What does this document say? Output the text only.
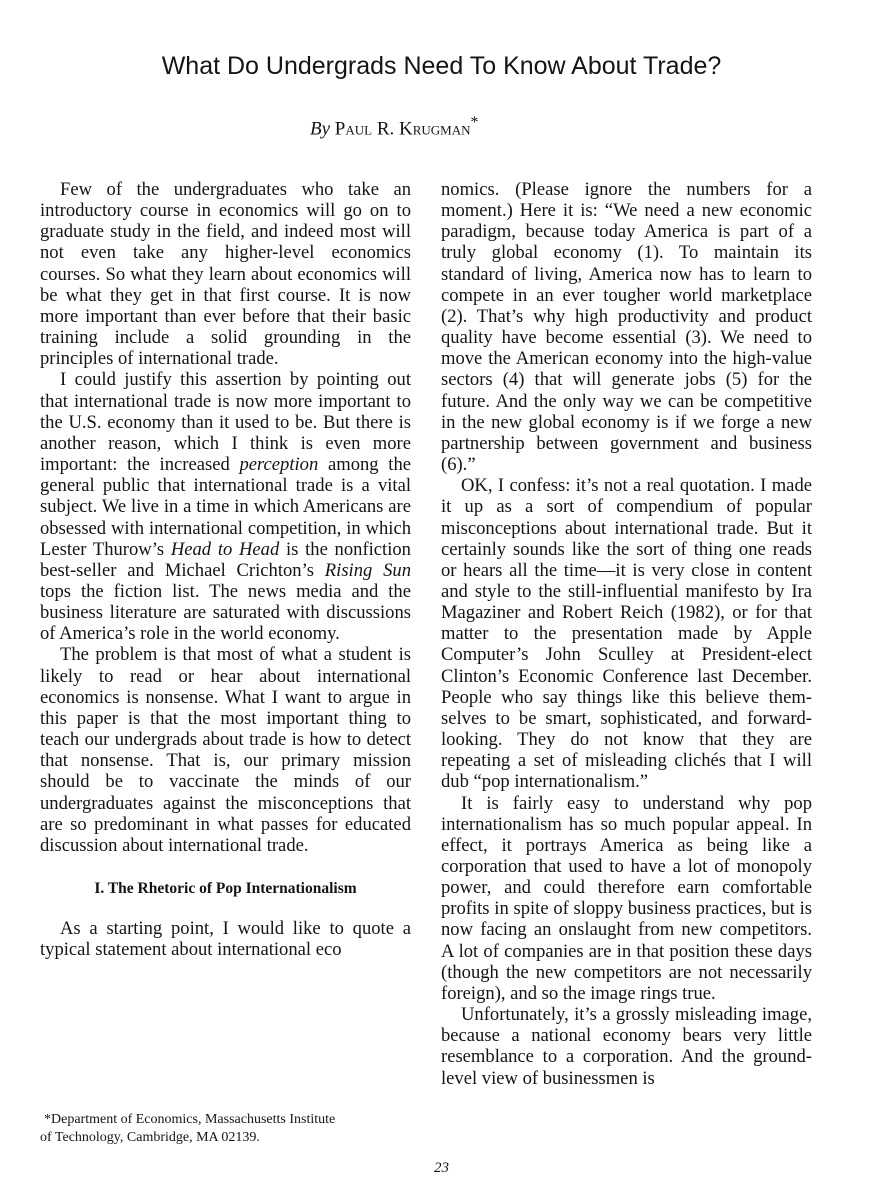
What Do Undergrads Need To Know About Trade?
By Paul R. Krugman*

Few of the undergraduates who take an introductory course in economics will go on to graduate study in the field, and indeed most will not even take any higher-level economics courses. So what they learn about economics will be what they get in that first course. It is now more important than ever before that their basic training include a solid grounding in the principles of international trade.

I could justify this assertion by pointing out that international trade is now more important to the U.S. economy than it used to be. But there is another reason, which I think is even more important: the increased perception among the general public that international trade is a vital subject. We live in a time in which Americans are obsessed with international competition, in which Lester Thurow’s Head to Head is the nonfiction best-seller and Michael Crichton’s Rising Sun tops the fiction list. The news media and the business literature are saturated with discussions of America’s role in the world economy.

The problem is that most of what a student is likely to read or hear about international economics is nonsense. What I want to argue in this paper is that the most important thing to teach our undergrads about trade is how to detect that nonsense. That is, our primary mission should be to vaccinate the minds of our undergraduates against the misconceptions that are so predominant in what passes for educated discussion about international trade.

I. The Rhetoric of Pop Internationalism

As a starting point, I would like to quote a typical statement about international eco

nomics. (Please ignore the numbers for a moment.) Here it is: “We need a new economic paradigm, because today America is part of a truly global economy (1). To maintain its standard of living, America now has to learn to compete in an ever tougher world marketplace (2). That’s why high productivity and product quality have become essential (3). We need to move the American economy into the high-value sectors (4) that will generate jobs (5) for the future. And the only way we can be competitive in the new global economy is if we forge a new partnership between government and business (6).”

OK, I confess: it’s not a real quotation. I made it up as a sort of compendium of popular misconceptions about international trade. But it certainly sounds like the sort of thing one reads or hears all the time—it is very close in content and style to the still-influential manifesto by Ira Magaziner and Robert Reich (1982), or for that matter to the presentation made by Apple Computer’s John Sculley at President-elect Clinton’s Economic Conference last December. People who say things like this believe themselves to be smart, sophisticated, and forward-looking. They do not know that they are repeating a set of misleading clichés that I will dub “pop internationalism.”

It is fairly easy to understand why pop internationalism has so much popular appeal. In effect, it portrays America as being like a corporation that used to have a lot of monopoly power, and could therefore earn comfortable profits in spite of sloppy business practices, but is now facing an onslaught from new competitors. A lot of companies are in that position these days (though the new competitors are not necessarily foreign), and so the image rings true.

Unfortunately, it’s a grossly misleading image, because a national economy bears very little resemblance to a corporation. And the ground-level view of businessmen is

*Department of Economics, Massachusetts Institute
of Technology, Cambridge, MA 02139.
23
